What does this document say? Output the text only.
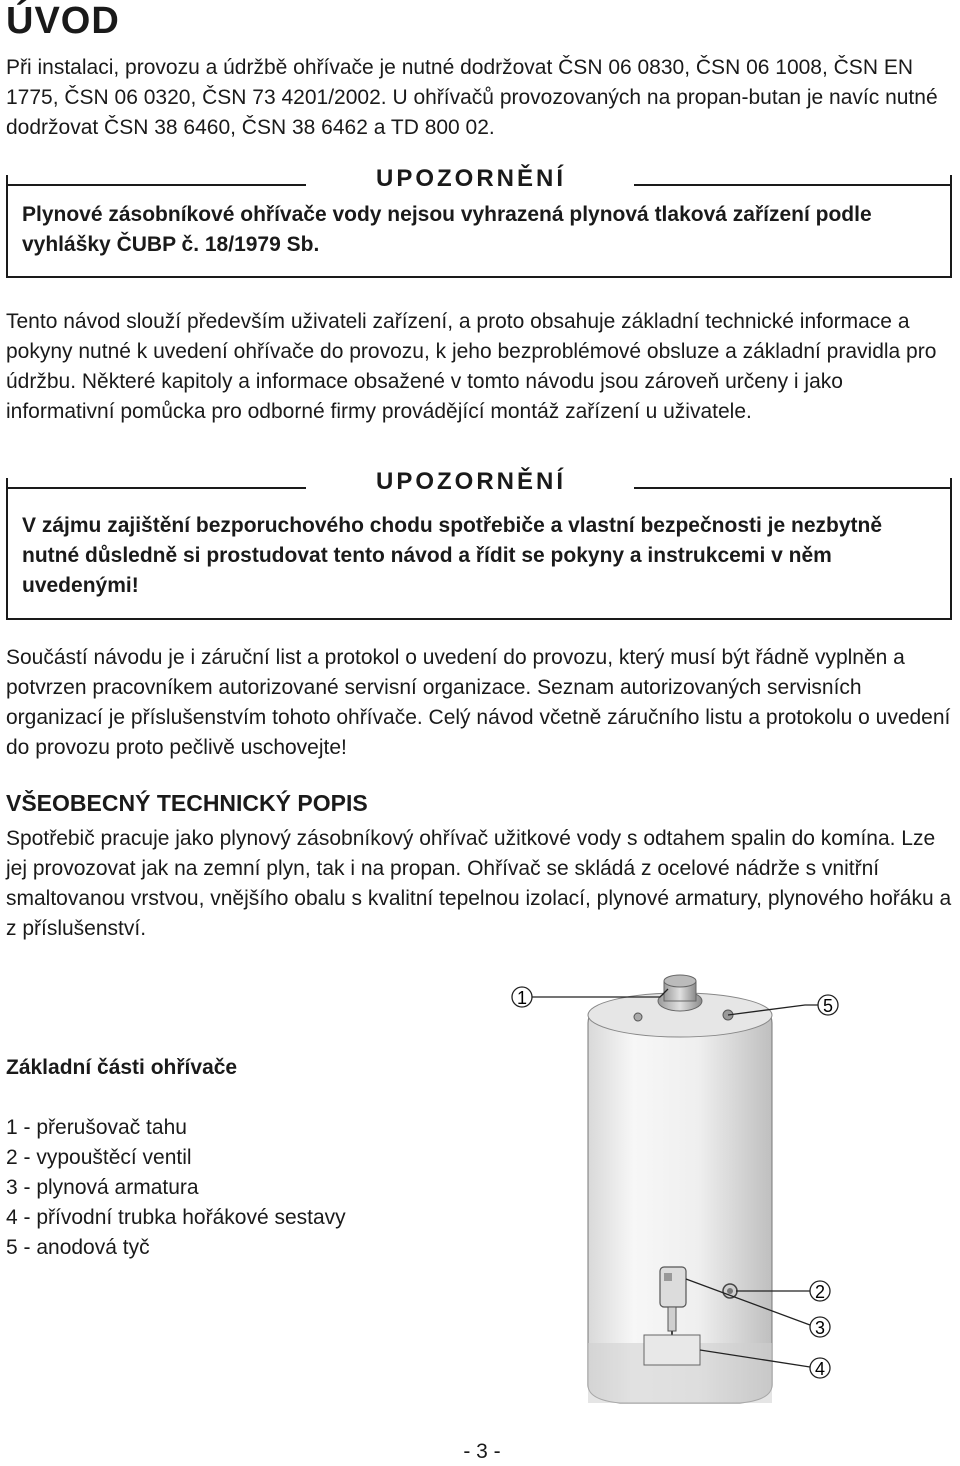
ÚVOD

Při instalaci, provozu a údržbě ohřívače je nutné dodržovat ČSN 06 0830, ČSN 06 1008, ČSN EN 1775, ČSN 06 0320, ČSN 73 4201/2002. U ohřívačů provozovaných na propan-butan je navíc nutné dodržovat ČSN 38 6460, ČSN 38 6462 a TD 800 02.

UPOZORNĚNÍ

Plynové zásobníkové ohřívače vody nejsou vyhrazená plynová tlaková zařízení podle vyhlášky ČUBP č. 18/1979 Sb.

Tento návod slouží především uživateli zařízení, a proto obsahuje základní technické informace a pokyny nutné k uvedení ohřívače do provozu, k jeho bezproblémové obsluze a základní pravidla pro údržbu. Některé kapitoly a informace obsažené v tomto návodu jsou zároveň určeny i jako informativní pomůcka pro odborné firmy provádějící montáž zařízení u uživatele.

UPOZORNĚNÍ

V zájmu zajištění bezporuchového chodu spotřebiče a vlastní bezpečnosti je nezbytně nutné důsledně si prostudovat tento návod a řídit se pokyny a instrukcemi v něm uvedenými!

Součástí návodu je i záruční list a protokol o uvedení do provozu, který musí být řádně vyplněn a potvrzen pracovníkem autorizované servisní organizace. Seznam autorizovaných servisních organizací je příslušenstvím tohoto ohřívače. Celý návod včetně záručního listu a protokolu o uvedení do provozu proto pečlivě uschovejte!

VŠEOBECNÝ TECHNICKÝ POPIS

Spotřebič pracuje jako plynový zásobníkový ohřívač užitkové vody s odtahem spalin do komína. Lze jej provozovat jak na zemní plyn, tak i na propan. Ohřívač se skládá z ocelové nádrže s vnitřní smaltovanou vrstvou, vnějšího obalu s kvalitní tepelnou izolací, plynové armatury, plynového hořáku a z příslušenství.

Základní části ohřívače
1 - přerušovač tahu
2 - vypouštěcí ventil
3 - plynová armatura
4 - přívodní trubka hořákové sestavy
5 - anodová tyč
1	5
2
3
4
- 3 -
